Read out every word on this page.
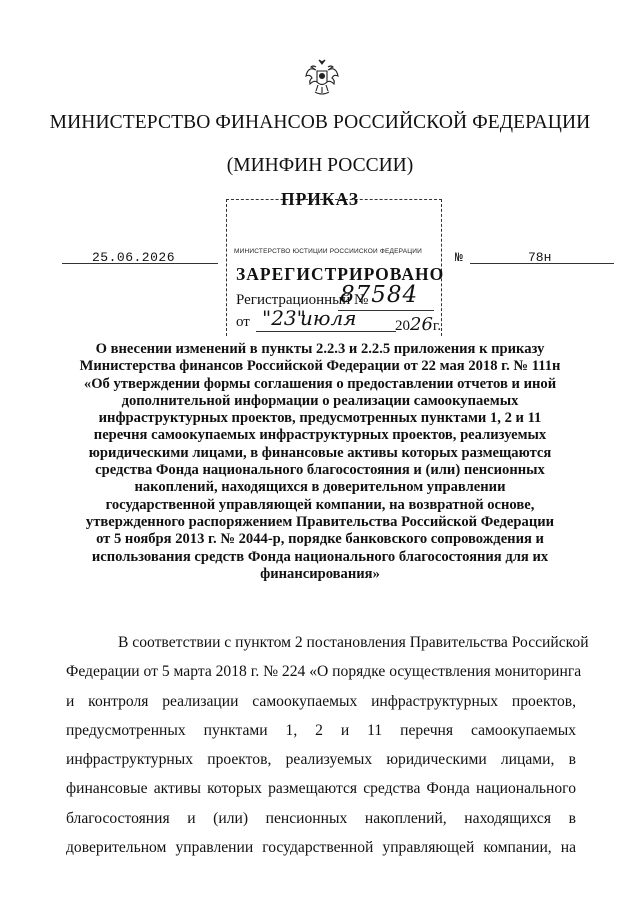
МИНИСТЕРСТВО ФИНАНСОВ РОССИЙСКОЙ ФЕДЕРАЦИИ
(МИНФИН РОССИИ)
ПРИКАЗ
МИНИСТЕРСТВО ЮСТИЦИИ РОССИЙСКОЙ ФЕДЕРАЦИИ
ЗАРЕГИСТРИРОВАНО
Регистрационный №
87584
от "23"
июля	2026г.
25.06.2026	№	78н
О внесении изменений в пункты 2.2.3 и 2.2.5 приложения к приказу
Министерства финансов Российской Федерации от 22 мая 2018 г. № 111н
«Об утверждении формы соглашения о предоставлении отчетов и иной
дополнительной информации о реализации самоокупаемых
инфраструктурных проектов, предусмотренных пунктами 1, 2 и 11
перечня самоокупаемых инфраструктурных проектов, реализуемых
юридическими лицами, в финансовые активы которых размещаются
средства Фонда национального благосостояния и (или) пенсионных
накоплений, находящихся в доверительном управлении
государственной управляющей компании, на возвратной основе,
утвержденного распоряжением Правительства Российской Федерации
от 5 ноября 2013 г. № 2044-р, порядке банковского сопровождения и
использования средств Фонда национального благосостояния для их
финансирования»
В соответствии с пунктом 2 постановления Правительства Российской
Федерации от 5 марта 2018 г. № 224 «О порядке осуществления мониторинга
и контроля реализации самоокупаемых инфраструктурных проектов,
предусмотренных пунктами 1, 2 и 11 перечня самоокупаемых
инфраструктурных проектов, реализуемых юридическими лицами, в
финансовые активы которых размещаются средства Фонда национального
благосостояния и (или) пенсионных накоплений, находящихся в
доверительном управлении государственной управляющей компании, на
